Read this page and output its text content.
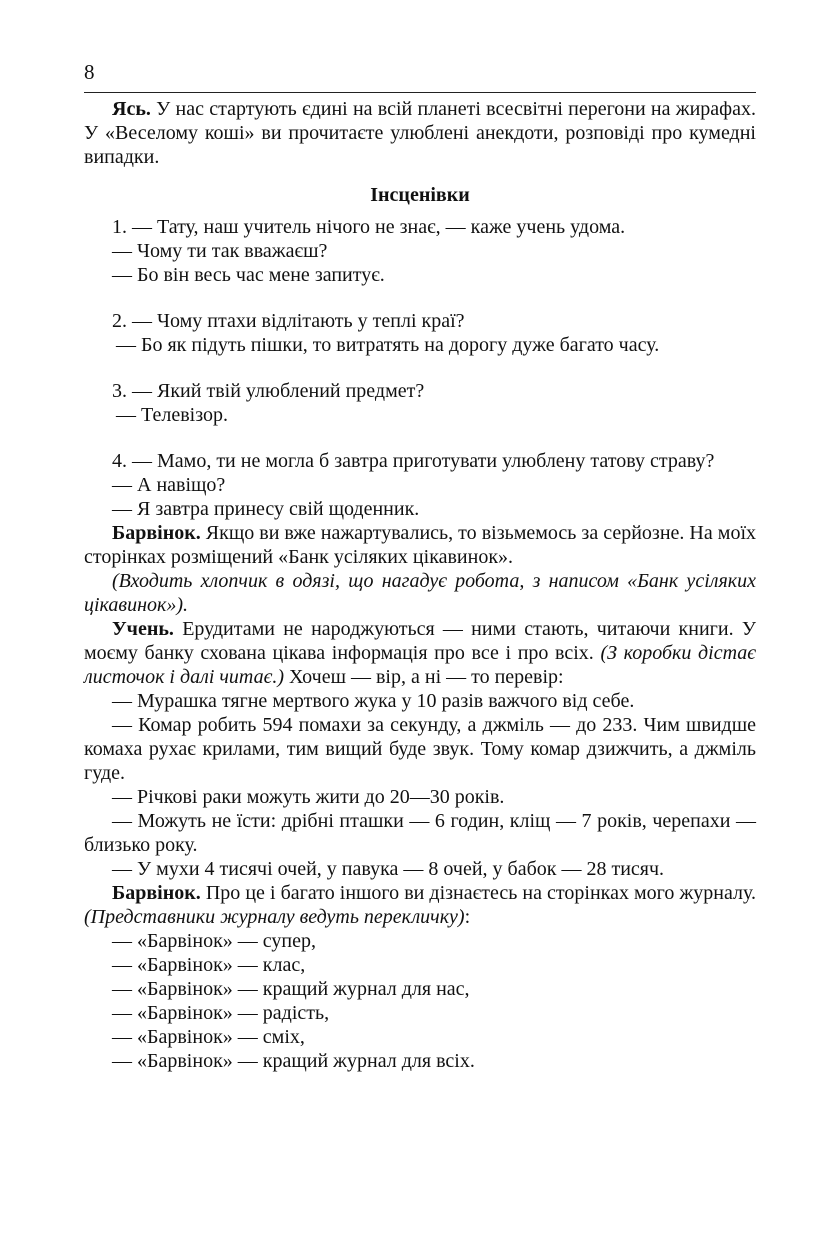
8

Ясь. У нас стартують єдині на всій планеті всесвітні перегони на жирафах. У «Веселому коші» ви прочитаєте улюблені анекдоти, розповіді про кумедні випадки.

Інсценівки

1. — Тату, наш учитель нічого не знає, — каже учень удома.

— Чому ти так вважаєш?

— Бо він весь час мене запитує.

2. — Чому птахи відлітають у теплі краї?

— Бо як підуть пішки, то витратять на дорогу дуже багато часу.

3. — Який твій улюблений предмет?

— Телевізор.

4. — Мамо, ти не могла б завтра приготувати улюблену татову страву?

— А навіщо?

— Я завтра принесу свій щоденник.

Барвінок. Якщо ви вже нажартувались, то візьмемось за серйозне. На моїх сторінках розміщений «Банк усіляких цікавинок».

(Входить хлопчик в одязі, що нагадує робота, з написом «Банк усіляких цікавинок»).

Учень. Ерудитами не народжуються — ними стають, читаючи книги. У моєму банку схована цікава інформація про все і про всіх. (З коробки дістає листочок і далі читає.) Хочеш — вір, а ні — то перевір:

— Мурашка тягне мертвого жука у 10 разів важчого від себе.

— Комар робить 594 помахи за секунду, а джміль — до 233. Чим швидше комаха рухає крилами, тим вищий буде звук. Тому комар дзижчить, а джміль гуде.

— Річкові раки можуть жити до 20—30 років.

— Можуть не їсти: дрібні пташки — 6 годин, кліщ — 7 років, черепахи — близько року.

— У мухи 4 тисячі очей, у павука — 8 очей, у бабок — 28 тисяч.

Барвінок. Про це і багато іншого ви дізнаєтесь на сторінках мого журналу. (Представники журналу ведуть перекличку):

— «Барвінок» — супер,

— «Барвінок» — клас,

— «Барвінок» — кращий журнал для нас,

— «Барвінок» — радість,

— «Барвінок» — сміх,

— «Барвінок» — кращий журнал для всіх.
